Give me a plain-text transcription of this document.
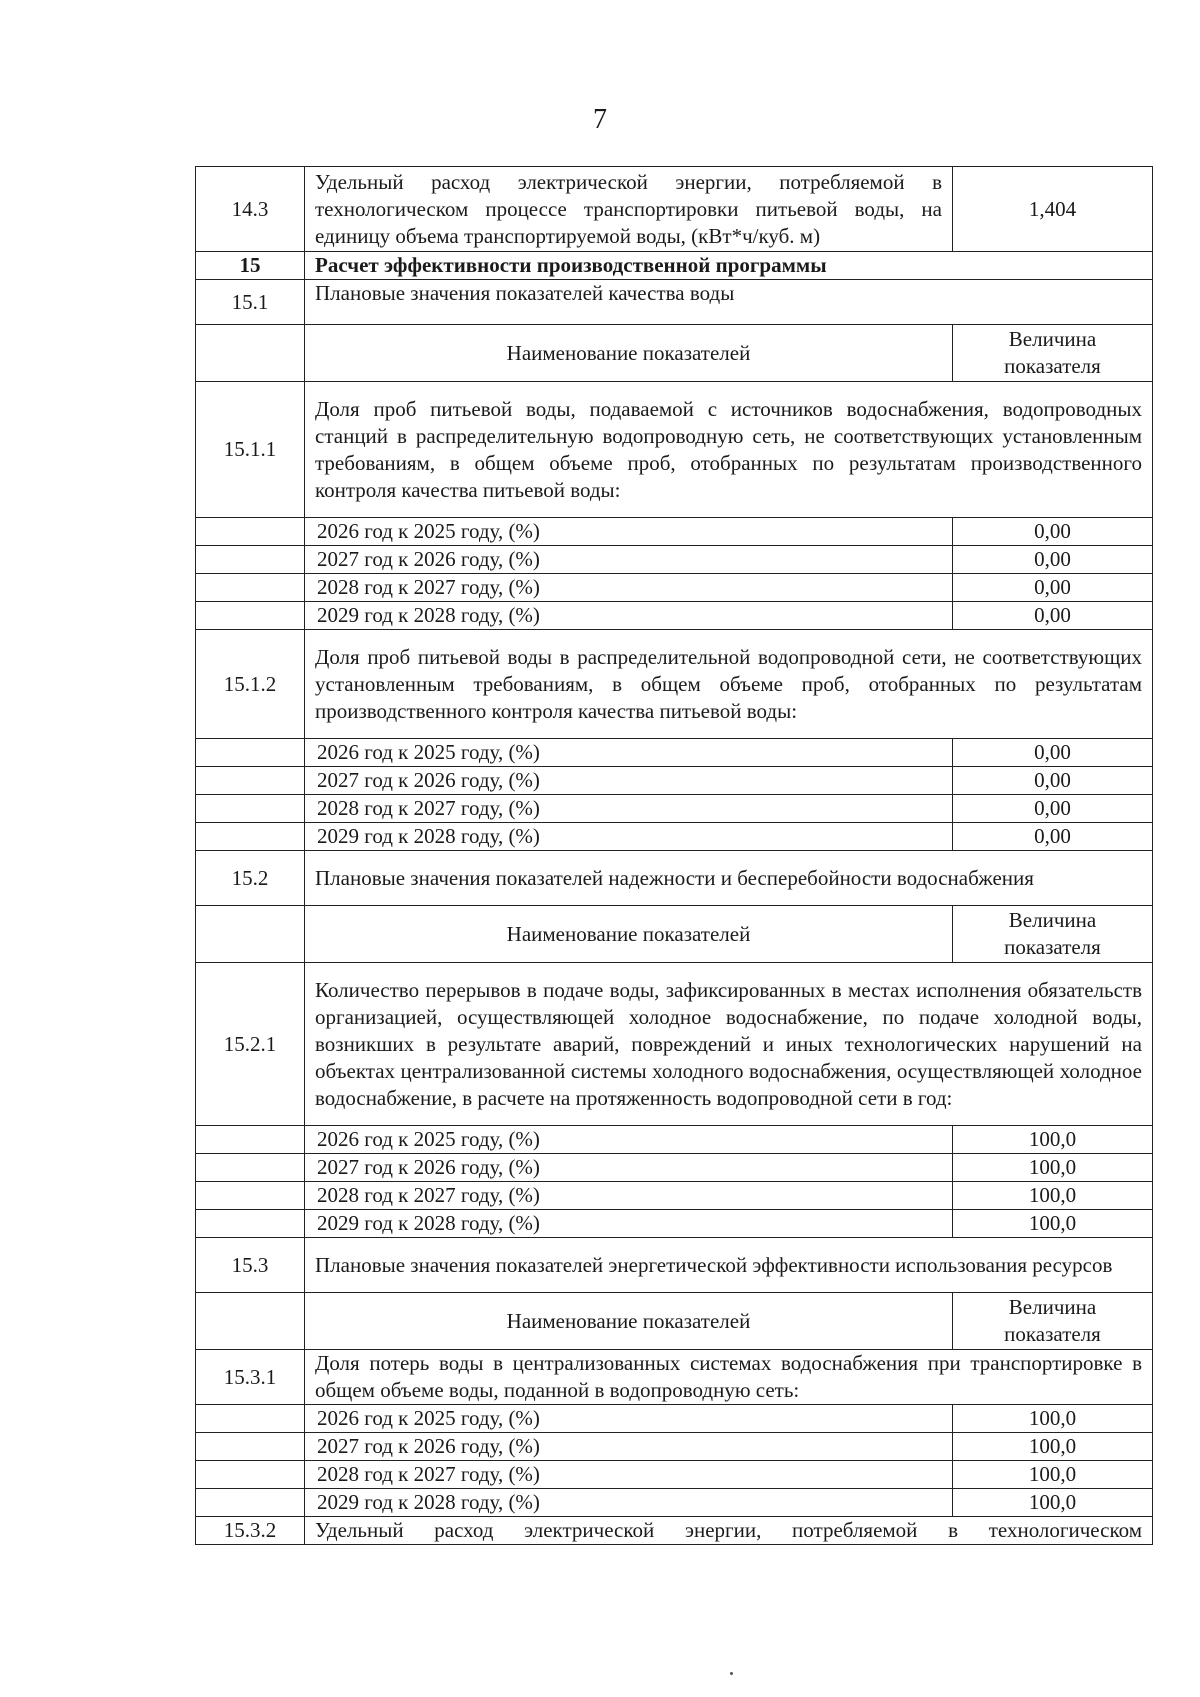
7
14.3	Удельный расход электрической энергии, потребляемой в технологическом процессе транспортировки питьевой воды, на единицу объема транспортируемой воды, (кВт*ч/куб. м)	1,404
15	Расчет эффективности производственной программы	
15.1	Плановые значения показателей качества воды	
	Наименование показателей	Величина показателя
15.1.1	Доля проб питьевой воды, подаваемой с источников водоснабжения, водопроводных станций в распределительную водопроводную сеть, не соответствующих установленным требованиям, в общем объеме проб, отобранных по результатам производственного контроля качества питьевой воды:	
	2026 год к 2025 году, (%)	0,00
	2027 год к 2026 году, (%)	0,00
	2028 год к 2027 году, (%)	0,00
	2029 год к 2028 году, (%)	0,00
15.1.2	Доля проб питьевой воды в распределительной водопроводной сети, не соответствующих установленным требованиям, в общем объеме проб, отобранных по результатам производственного контроля качества питьевой воды:	
	2026 год к 2025 году, (%)	0,00
	2027 год к 2026 году, (%)	0,00
	2028 год к 2027 году, (%)	0,00
	2029 год к 2028 году, (%)	0,00
15.2	Плановые значения показателей надежности и бесперебойности водоснабжения	
	Наименование показателей	Величина показателя
15.2.1	Количество перерывов в подаче воды, зафиксированных в местах исполнения обязательств организацией, осуществляющей холодное водоснабжение, по подаче холодной воды, возникших в результате аварий, повреждений и иных технологических нарушений на объектах централизованной системы холодного водоснабжения, осуществляющей холодное водоснабжение, в расчете на протяженность водопроводной сети в год:	
	2026 год к 2025 году, (%)	100,0
	2027 год к 2026 году, (%)	100,0
	2028 год к 2027 году, (%)	100,0
	2029 год к 2028 году, (%)	100,0
15.3	Плановые значения показателей энергетической эффективности использования ресурсов	
	Наименование показателей	Величина показателя
15.3.1	Доля потерь воды в централизованных системах водоснабжения при транспортировке в общем объеме воды, поданной в водопроводную сеть:	
	2026 год к 2025 году, (%)	100,0
	2027 год к 2026 году, (%)	100,0
	2028 год к 2027 году, (%)	100,0
	2029 год к 2028 году, (%)	100,0
15.3.2	Удельный расход электрической энергии, потребляемой в технологическом	
